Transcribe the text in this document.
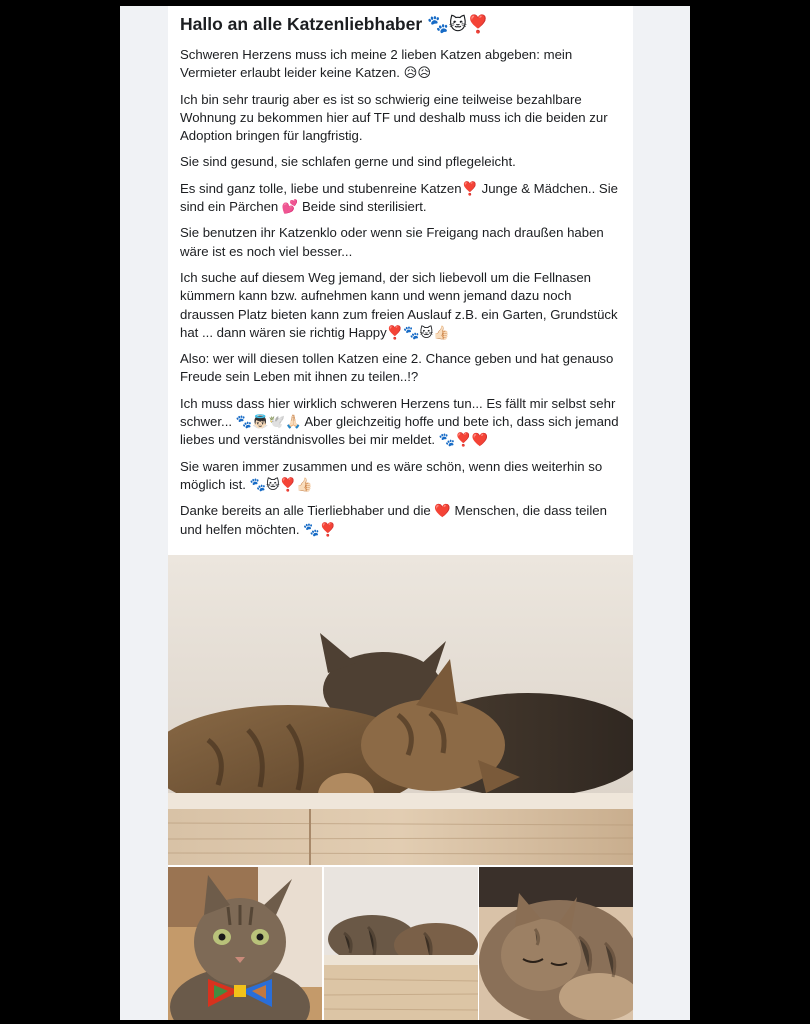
Hallo an alle Katzenliebhaber 🐾🐱❣️

Schweren Herzens muss ich meine 2 lieben Katzen abgeben: mein Vermieter erlaubt leider keine Katzen. 😥😥

Ich bin sehr traurig aber es ist so schwierig eine teilweise bezahlbare Wohnung zu bekommen hier auf TF und deshalb muss ich die beiden zur Adoption bringen für langfristig.

Sie sind gesund, sie schlafen gerne und sind pflegeleicht.

Es sind ganz tolle, liebe und stubenreine Katzen❣️ Junge & Mädchen.. Sie sind ein Pärchen 💕 Beide sind sterilisiert.

Sie benutzen ihr Katzenklo oder wenn sie Freigang nach draußen haben wäre ist es noch viel besser...

Ich suche auf diesem Weg jemand, der sich liebevoll um die Fellnasen kümmern kann bzw. aufnehmen kann und wenn jemand dazu noch draussen Platz bieten kann zum freien Auslauf z.B. ein Garten, Grundstück hat ... dann wären sie richtig Happy❣️🐾🐱👍🏻

Also: wer will diesen tollen Katzen eine 2. Chance geben und hat genauso Freude sein Leben mit ihnen zu teilen..!?

Ich muss dass hier wirklich schweren Herzens tun... Es fällt mir selbst sehr schwer... 🐾👼🏻🕊️🙏🏻 Aber gleichzeitig hoffe und bete ich, dass sich jemand liebes und verständnisvolles bei mir meldet. 🐾❣️❤️

Sie waren immer zusammen und es wäre schön, wenn dies weiterhin so möglich ist. 🐾🐱❣️👍🏻

Danke bereits an alle Tierliebhaber und die ❤️ Menschen, die dass teilen und helfen möchten. 🐾❣️
